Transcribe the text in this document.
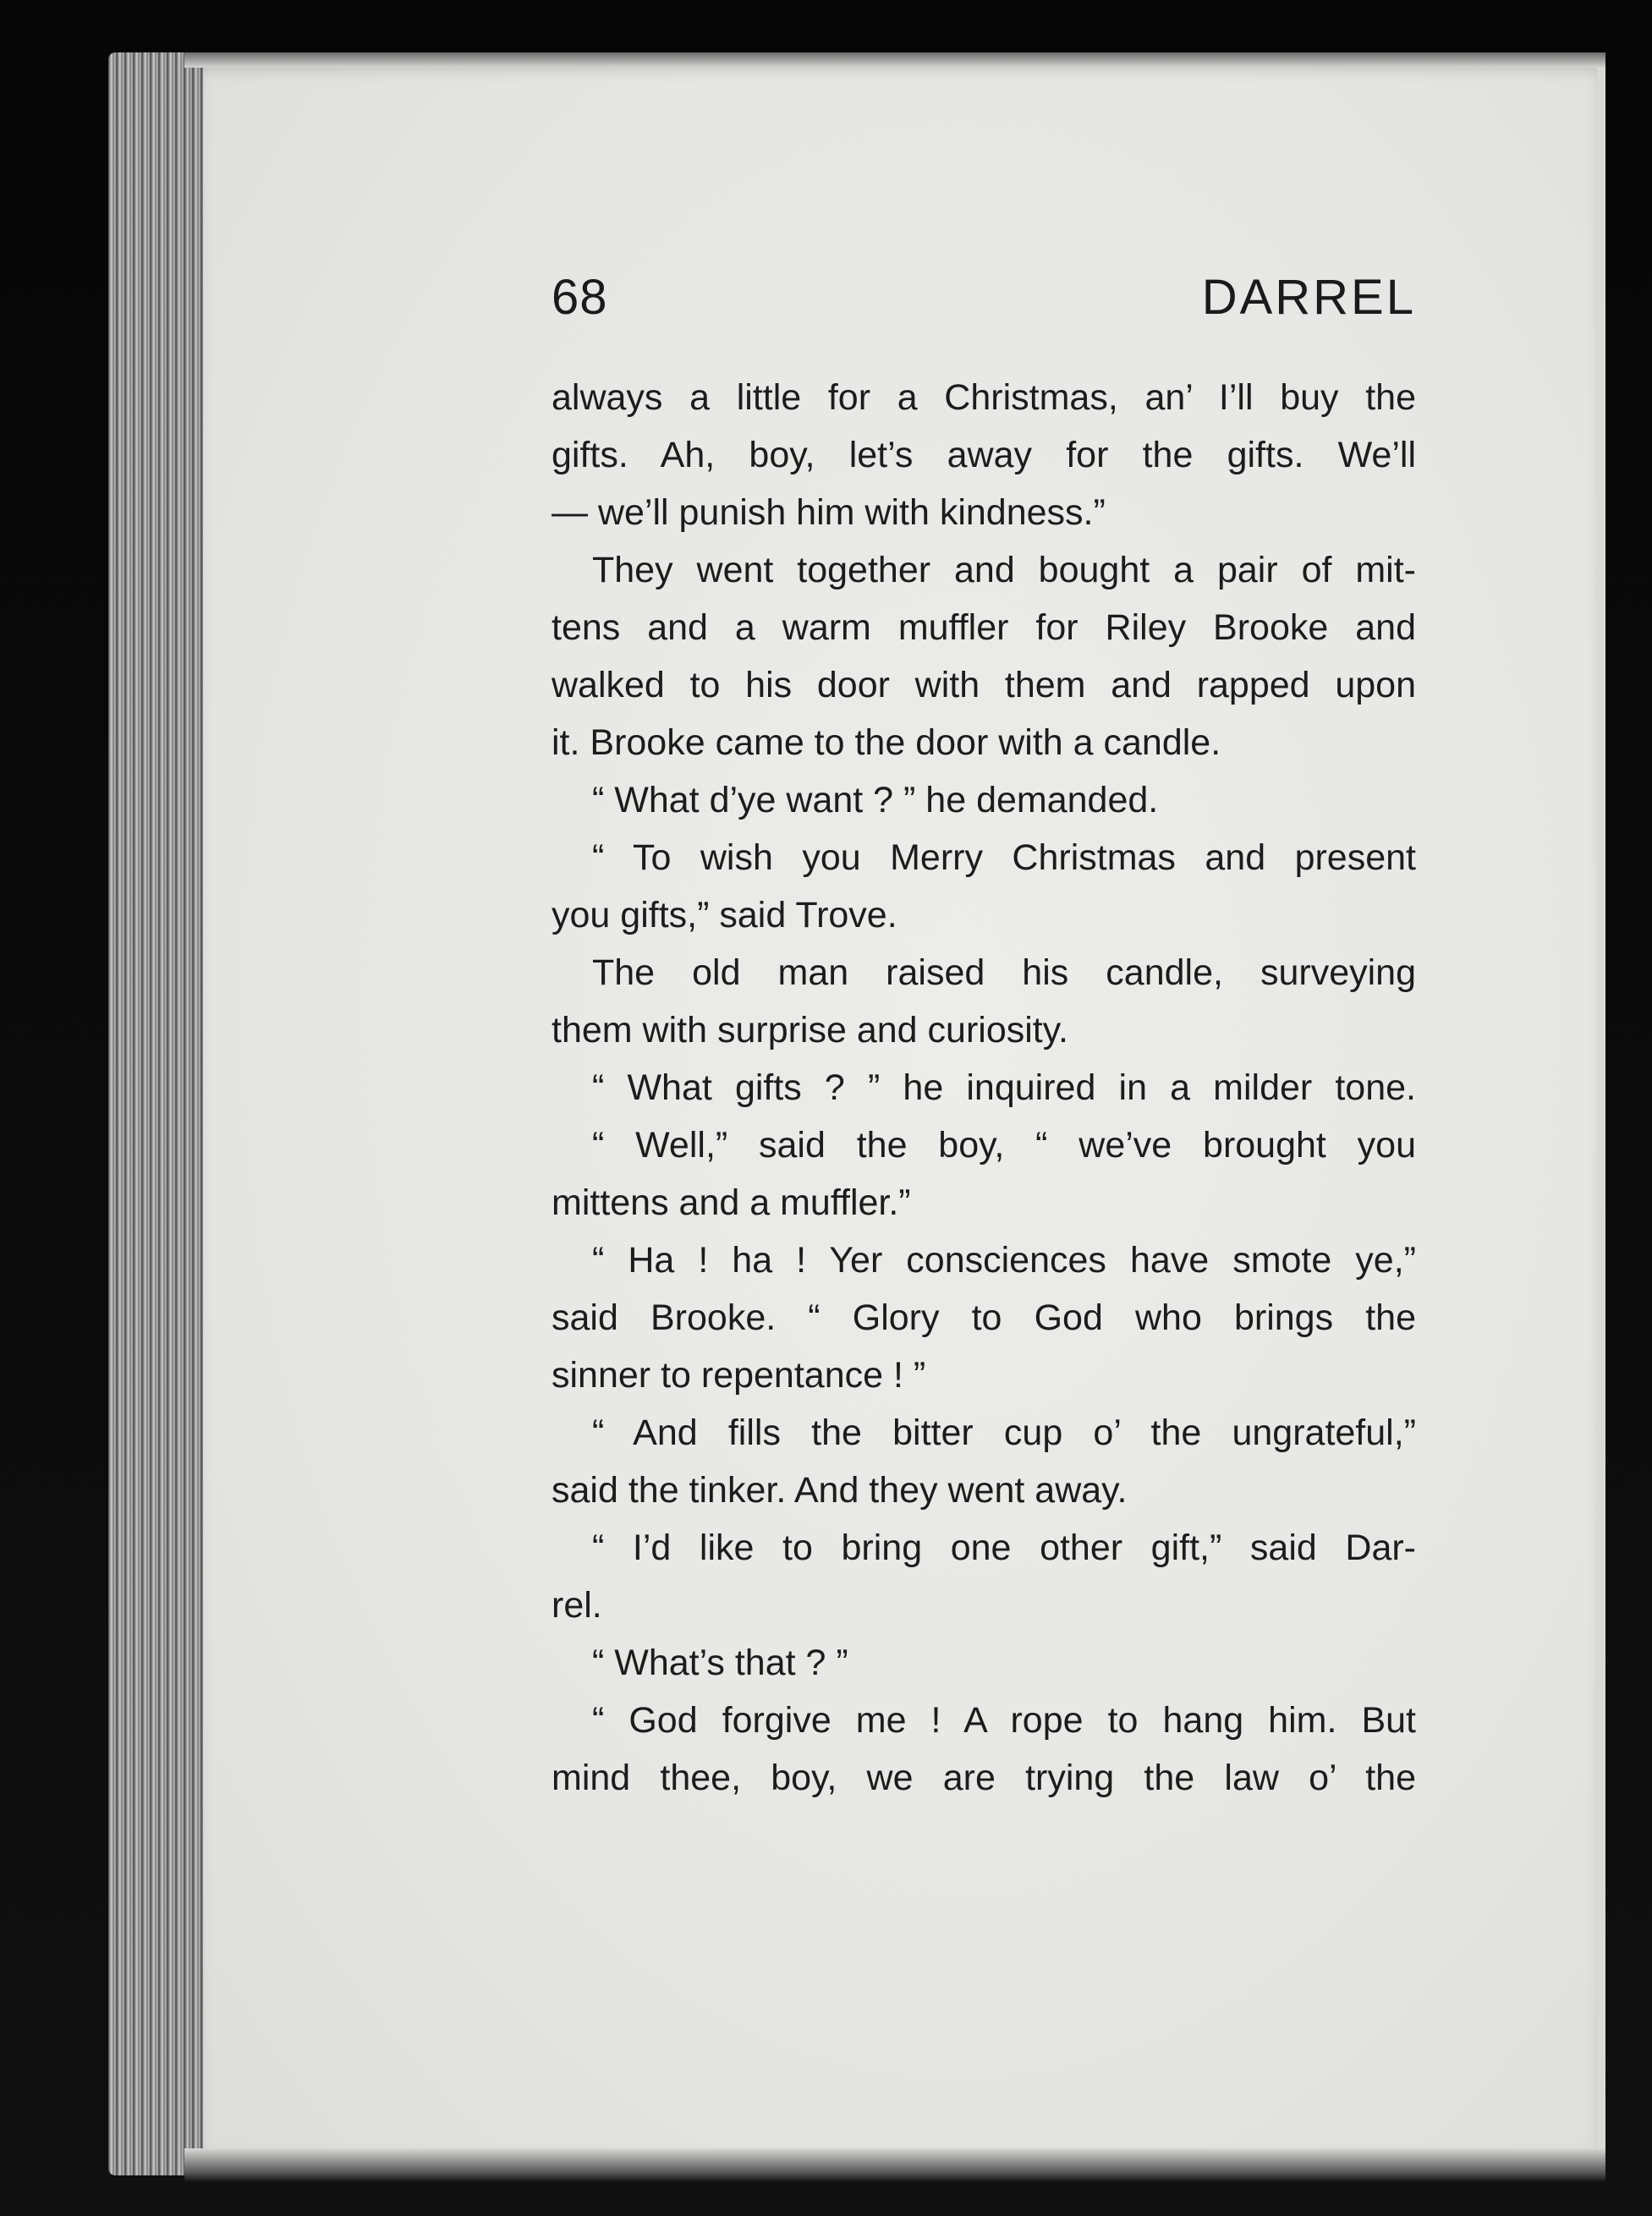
68	DARREL
always a little for a Christmas, an’ I’ll buy the
gifts. Ah, boy, let’s away for the gifts. We’ll
— we’ll punish him with kindness.”
They went together and bought a pair of mit-
tens and a warm muffler for Riley Brooke and
walked to his door with them and rapped upon
it. Brooke came to the door with a candle.
“ What d’ye want ? ” he demanded.
“ To wish you Merry Christmas and present
you gifts,” said Trove.
The old man raised his candle, surveying
them with surprise and curiosity.
“ What gifts ? ” he inquired in a milder tone.
“ Well,” said the boy, “ we’ve brought you
mittens and a muffler.”
“ Ha ! ha ! Yer consciences have smote ye,”
said Brooke. “ Glory to God who brings the
sinner to repentance ! ”
“ And fills the bitter cup o’ the ungrateful,”
said the tinker. And they went away.
“ I’d like to bring one other gift,” said Dar-
rel.
“ What’s that ? ”
“ God forgive me ! A rope to hang him. But
mind thee, boy, we are trying the law o’ the
